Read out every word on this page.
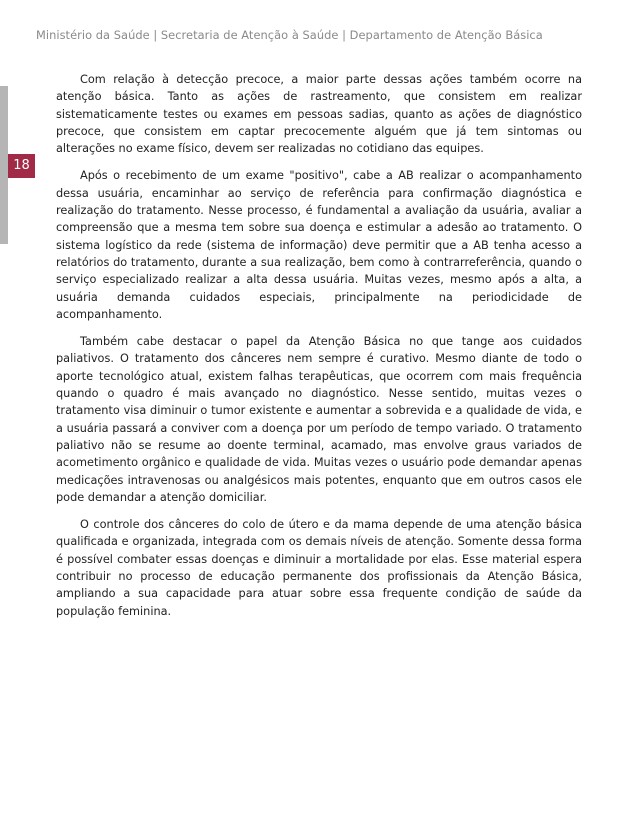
Ministério da Saúde | Secretaria de Atenção à Saúde | Departamento de Atenção Básica
18

Com relação à detecção precoce, a maior parte dessas ações também ocorre na atenção básica. Tanto as ações de rastreamento, que consistem em realizar sistematicamente testes ou exames em pessoas sadias, quanto as ações de diagnóstico precoce, que consistem em captar precocemente alguém que já tem sintomas ou alterações no exame físico, devem ser realizadas no cotidiano das equipes.

Após o recebimento de um exame "positivo", cabe a AB realizar o acompanhamento dessa usuária, encaminhar ao serviço de referência para confirmação diagnóstica e realização do tratamento. Nesse processo, é fundamental a avaliação da usuária, avaliar a compreensão que a mesma tem sobre sua doença e estimular a adesão ao tratamento. O sistema logístico da rede (sistema de informação) deve permitir que a AB tenha acesso a relatórios do tratamento, durante a sua realização, bem como à contrarreferência, quando o serviço especializado realizar a alta dessa usuária. Muitas vezes, mesmo após a alta, a usuária demanda cuidados especiais, principalmente na periodicidade de acompanhamento.

Também cabe destacar o papel da Atenção Básica no que tange aos cuidados paliativos. O tratamento dos cânceres nem sempre é curativo. Mesmo diante de todo o aporte tecnológico atual, existem falhas terapêuticas, que ocorrem com mais frequência quando o quadro é mais avançado no diagnóstico. Nesse sentido, muitas vezes o tratamento visa diminuir o tumor existente e aumentar a sobrevida e a qualidade de vida, e a usuária passará a conviver com a doença por um período de tempo variado. O tratamento paliativo não se resume ao doente terminal, acamado, mas envolve graus variados de acometimento orgânico e qualidade de vida. Muitas vezes o usuário pode demandar apenas medicações intravenosas ou analgésicos mais potentes, enquanto que em outros casos ele pode demandar a atenção domiciliar.

O controle dos cânceres do colo de útero e da mama depende de uma atenção básica qualificada e organizada, integrada com os demais níveis de atenção. Somente dessa forma é possível combater essas doenças e diminuir a mortalidade por elas. Esse material espera contribuir no processo de educação permanente dos profissionais da Atenção Básica, ampliando a sua capacidade para atuar sobre essa frequente condição de saúde da população feminina.
